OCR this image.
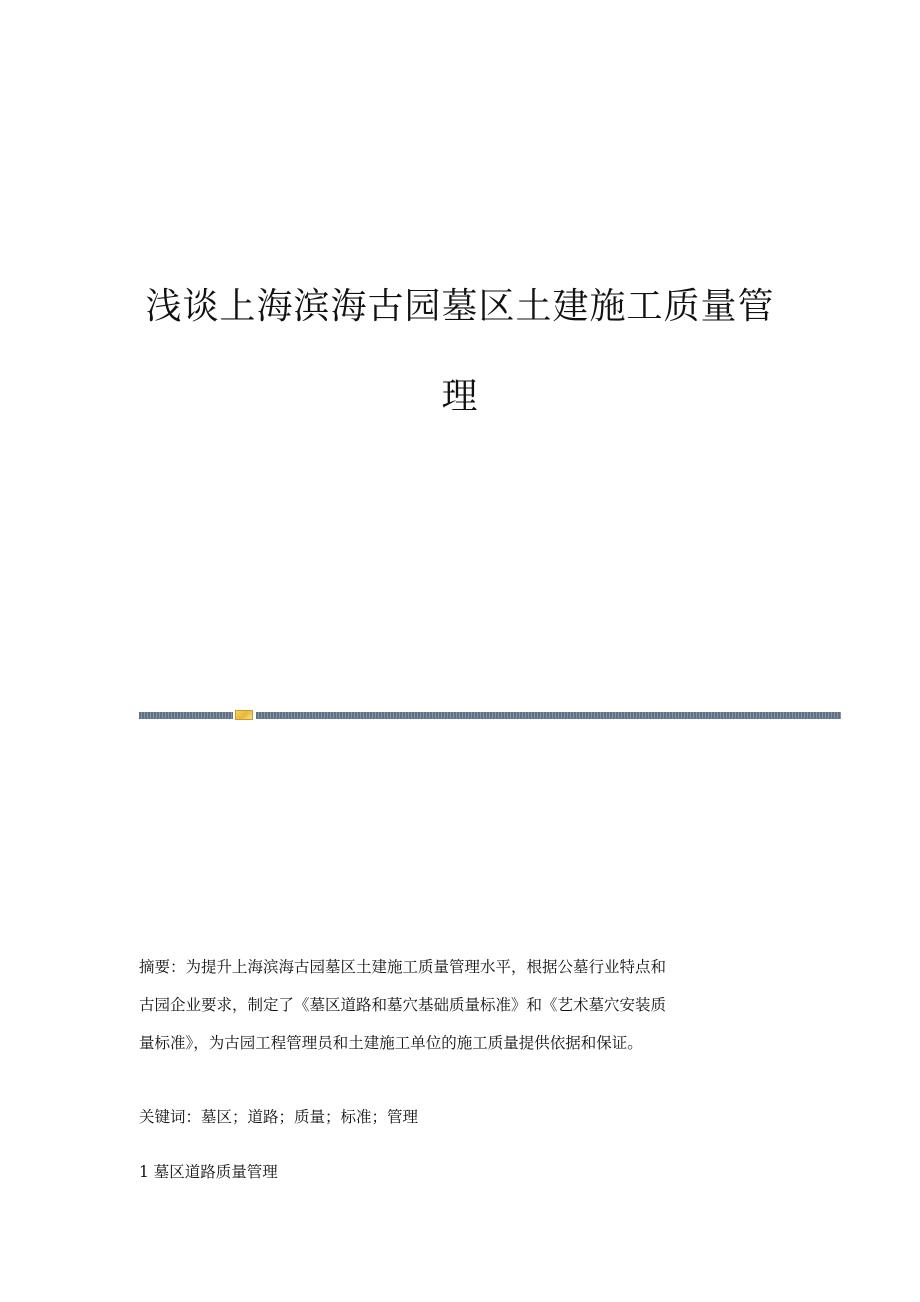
浅谈上海滨海古园墓区土建施工质量管
理
摘要：为提升上海滨海古园墓区土建施工质量管理水平，根据公墓行业特点和
古园企业要求，制定了《墓区道路和墓穴基础质量标准》和《艺术墓穴安装质
量标准》，为古园工程管理员和土建施工单位的施工质量提供依据和保证。
关键词：墓区；道路；质量；标准；管理
1 墓区道路质量管理
